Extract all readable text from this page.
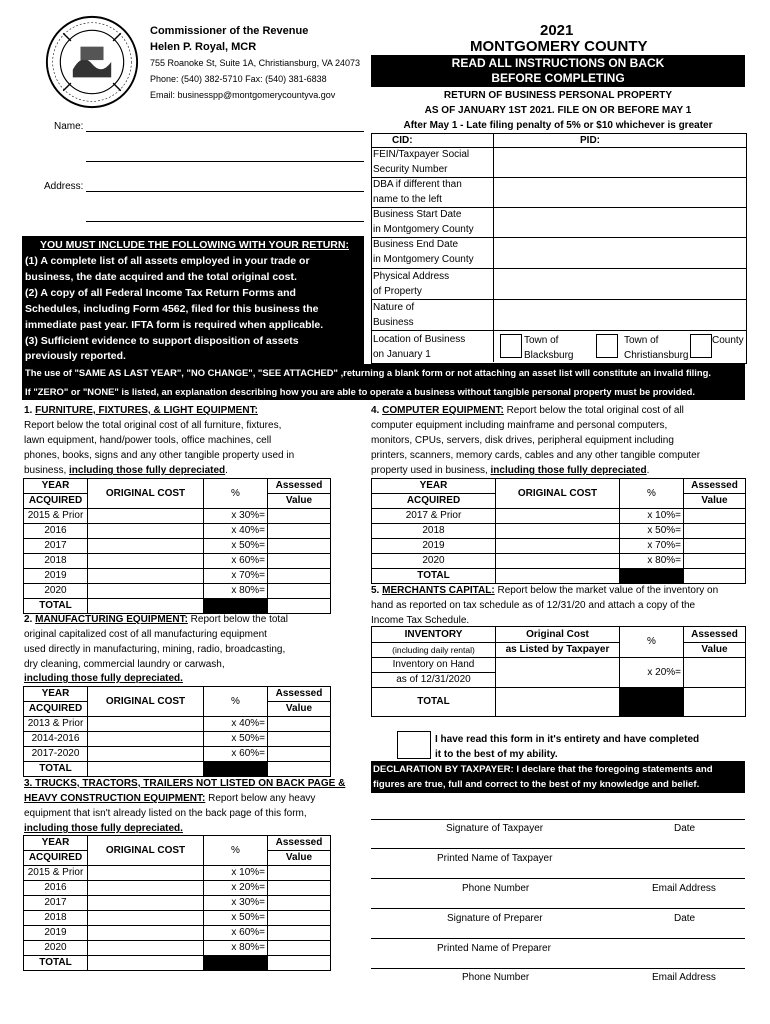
Commissioner of the Revenue
Helen P. Royal, MCR
755 Roanoke St, Suite 1A, Christiansburg, VA 24073
Phone: (540) 382-5710 Fax: (540) 381-6838
Email: businesspp@montgomerycountyva.gov
2021
MONTGOMERY COUNTY
READ ALL INSTRUCTIONS ON BACK
BEFORE COMPLETING
RETURN OF BUSINESS PERSONAL PROPERTY
AS OF JANUARY 1ST 2021. FILE ON OR BEFORE MAY 1
After May 1 - Late filing penalty of 5% or $10 whichever is greater
Name:
Address:
YOU MUST INCLUDE THE FOLLOWING WITH YOUR RETURN:
(1) A complete list of all assets employed in your trade or
business, the date acquired and the total original cost.
(2) A copy of all Federal Income Tax Return Forms and
Schedules, including Form 4562, filed for this business the
immediate past year. IFTA form is required when applicable.
(3) Sufficient evidence to support disposition of assets
previously reported.
CID:	PID:
FEIN/Taxpayer Social
Security Number
DBA if different than
name to the left
Business Start Date
in Montgomery County
Business End Date
in Montgomery County
Physical Address
of Property
Nature of
Business
Location of Business
on January 1
Town of
Blacksburg
Town of
Christiansburg
County
The use of "SAME AS LAST YEAR", "NO CHANGE", "SEE ATTACHED" ,returning a blank form or not attaching an asset list will constitute an invalid filing.
If "ZERO" or "NONE" is listed, an explanation describing how you are able to operate a business without tangible personal property must be provided.
1. FURNITURE, FIXTURES, & LIGHT EQUIPMENT:
Report below the total original cost of all furniture, fixtures,
lawn equipment, hand/power tools, office machines, cell
phones, books, signs and any other tangible property used in
business, including those fully depreciated.
YEAR	ORIGINAL COST	%	Assessed
ACQUIRED			Value
2015 & Prior		x 30%=	
2016		x 40%=	
2017		x 50%=	
2018		x 60%=	
2019		x 70%=	
2020		x 80%=	
TOTAL			
2. MANUFACTURING EQUIPMENT: Report below the total
original capitalized cost of all manufacturing equipment
used directly in manufacturing, mining, radio, broadcasting,
dry cleaning, commercial laundry or carwash,
including those fully depreciated.
YEAR	ORIGINAL COST	%	Assessed
ACQUIRED			Value
2013 & Prior		x 40%=	
2014-2016		x 50%=	
2017-2020		x 60%=	
TOTAL			
3. TRUCKS, TRACTORS, TRAILERS NOT LISTED ON BACK PAGE &
HEAVY CONSTRUCTION EQUIPMENT: Report below any heavy
equipment that isn't already listed on the back page of this form,
including those fully depreciated.
YEAR	ORIGINAL COST	%	Assessed
ACQUIRED			Value
2015 & Prior		x 10%=	
2016		x 20%=	
2017		x 30%=	
2018		x 50%=	
2019		x 60%=	
2020		x 80%=	
TOTAL			
4. COMPUTER EQUIPMENT: Report below the total original cost of all
computer equipment including mainframe and personal computers,
monitors, CPUs, servers, disk drives, peripheral equipment including
printers, scanners, memory cards, cables and any other tangible computer
property used in business, including those fully depreciated.
YEAR	ORIGINAL COST	%	Assessed
ACQUIRED			Value
2017 & Prior		x 10%=	
2018		x 50%=	
2019		x 70%=	
2020		x 80%=	
TOTAL			
5. MERCHANTS CAPITAL: Report below the market value of the inventory on
hand as reported on tax schedule as of 12/31/20 and attach a copy of the
Income Tax Schedule.
INVENTORY	Original Cost	%	Assessed
(including daily rental)	as Listed by Taxpayer		Value
Inventory on Hand		x 20%=	
as of 12/31/2020			
TOTAL			
I have read this form in it's entirety and have completed
it to the best of my ability.
DECLARATION BY TAXPAYER: I declare that the foregoing statements and
figures are true, full and correct to the best of my knowledge and belief.
Signature of Taxpayer	Date
Printed Name of Taxpayer
Phone Number	Email Address
Signature of Preparer	Date
Printed Name of Preparer
Phone Number	Email Address
